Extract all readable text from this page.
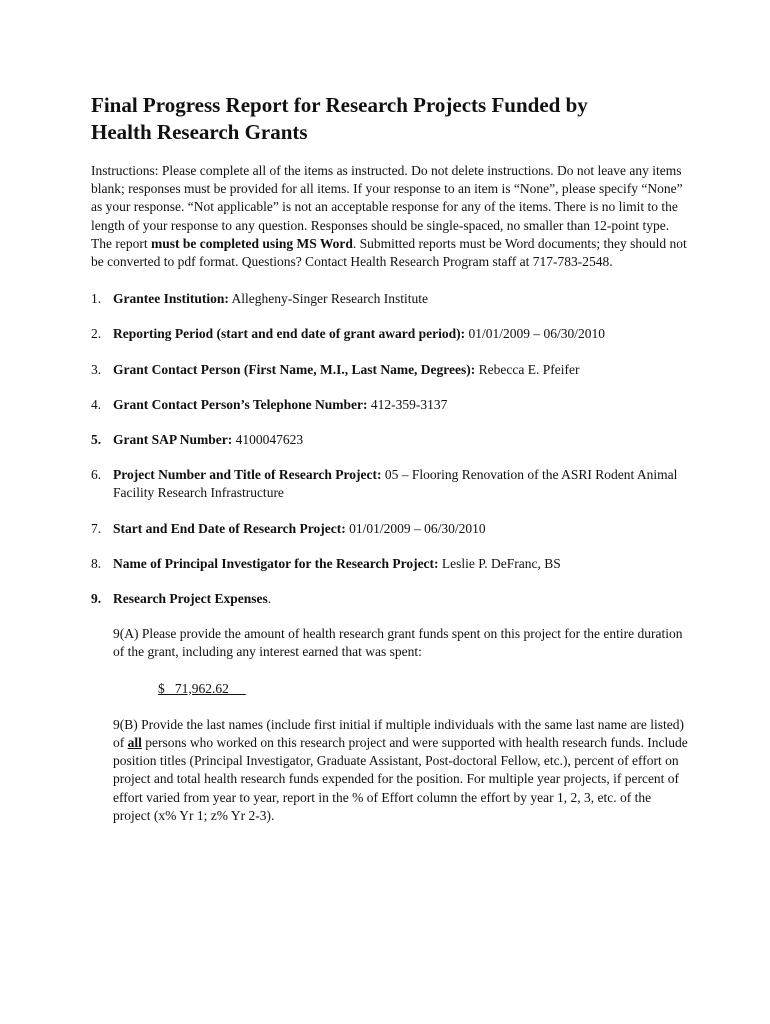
Final Progress Report for Research Projects Funded by
Health Research Grants

Instructions: Please complete all of the items as instructed. Do not delete instructions. Do not leave any items blank; responses must be provided for all items. If your response to an item is “None”, please specify “None” as your response. “Not applicable” is not an acceptable response for any of the items. There is no limit to the length of your response to any question. Responses should be single-spaced, no smaller than 12-point type. The report must be completed using MS Word. Submitted reports must be Word documents; they should not be converted to pdf format. Questions? Contact Health Research Program staff at 717-783-2548.

1. Grantee Institution: Allegheny-Singer Research Institute
2. Reporting Period (start and end date of grant award period): 01/01/2009 – 06/30/2010
3. Grant Contact Person (First Name, M.I., Last Name, Degrees): Rebecca E. Pfeifer
4. Grant Contact Person’s Telephone Number: 412-359-3137
5. Grant SAP Number: 4100047623
6. Project Number and Title of Research Project: 05 – Flooring Renovation of the ASRI Rodent Animal Facility Research Infrastructure
7. Start and End Date of Research Project: 01/01/2009 – 06/30/2010
8. Name of Principal Investigator for the Research Project: Leslie P. DeFranc, BS
9. Research Project Expenses.

9(A) Please provide the amount of health research grant funds spent on this project for the entire duration of the grant, including any interest earned that was spent:

$   71,962.62

9(B) Provide the last names (include first initial if multiple individuals with the same last name are listed) of all persons who worked on this research project and were supported with health research funds. Include position titles (Principal Investigator, Graduate Assistant, Post-doctoral Fellow, etc.), percent of effort on project and total health research funds expended for the position. For multiple year projects, if percent of effort varied from year to year, report in the % of Effort column the effort by year 1, 2, 3, etc. of the project (x% Yr 1; z% Yr 2-3).
